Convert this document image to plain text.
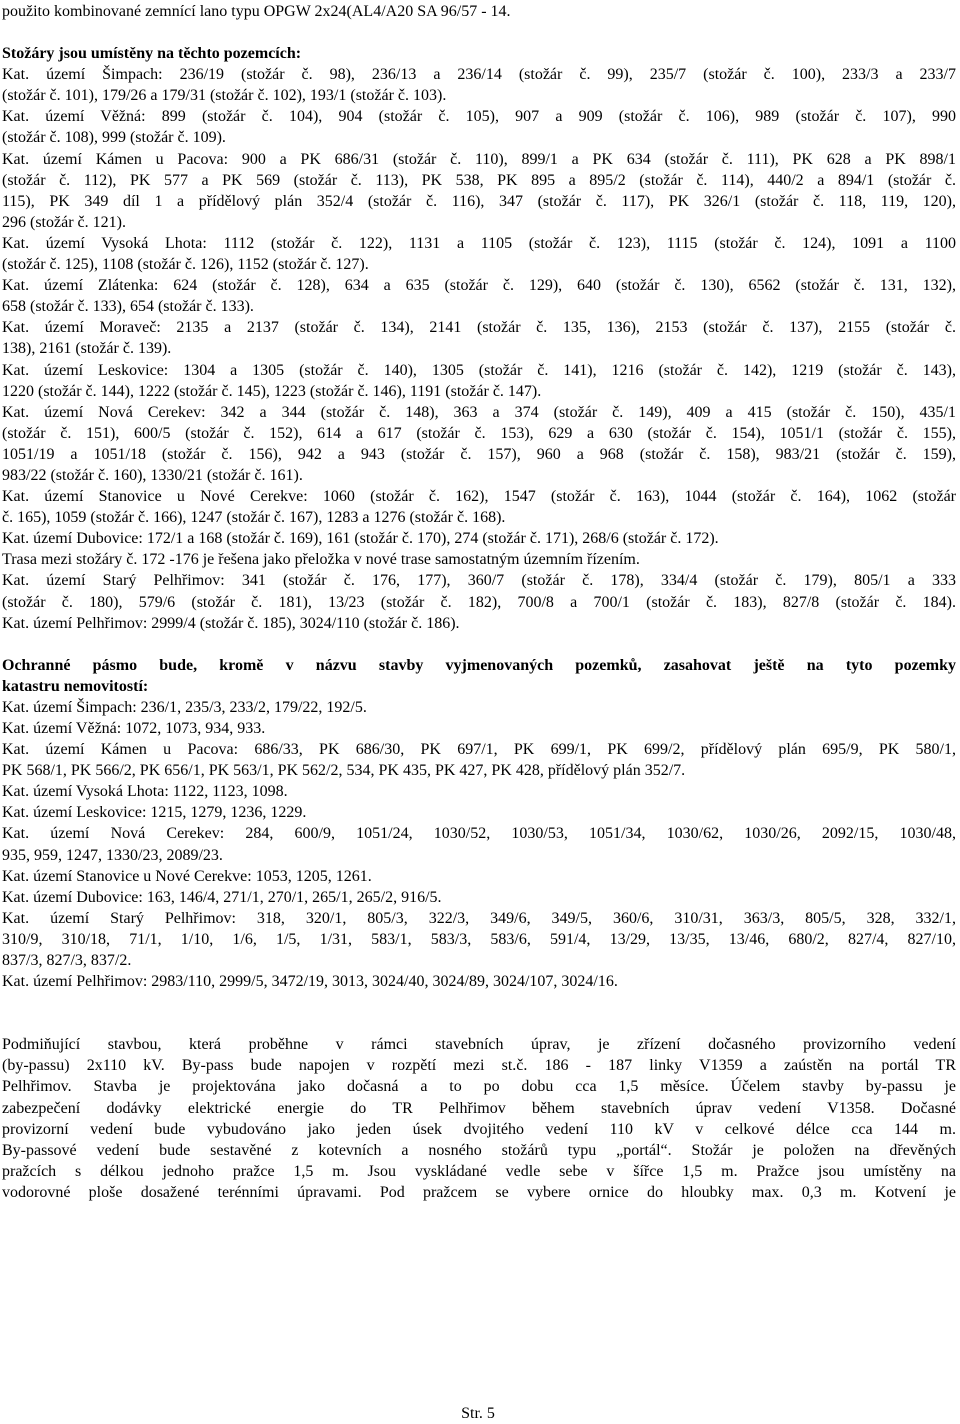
použito kombinované zemnící lano typu OPGW 2x24(AL4/A20 SA 96/57 - 14.
Stožáry jsou umístěny na těchto pozemcích:
Kat. území Šimpach: 236/19 (stožár č. 98), 236/13 a 236/14 (stožár č. 99), 235/7 (stožár č. 100), 233/3 a 233/7
(stožár č. 101), 179/26 a 179/31 (stožár č. 102), 193/1 (stožár č. 103).
Kat. území Věžná: 899 (stožár č. 104), 904 (stožár č. 105), 907 a 909 (stožár č. 106), 989 (stožár č. 107), 990
(stožár č. 108), 999 (stožár č. 109).
Kat. území Kámen u Pacova: 900 a PK 686/31 (stožár č. 110), 899/1 a PK 634 (stožár č. 111), PK 628 a PK 898/1
(stožár č. 112), PK 577 a PK 569 (stožár č. 113), PK 538, PK 895 a 895/2 (stožár č. 114), 440/2 a 894/1 (stožár č.
115), PK 349 díl 1 a přídělový plán 352/4 (stožár č. 116), 347 (stožár č. 117), PK 326/1 (stožár č. 118, 119, 120),
296 (stožár č. 121).
Kat. území Vysoká Lhota: 1112 (stožár č. 122), 1131 a 1105 (stožár č. 123), 1115 (stožár č. 124), 1091 a 1100
(stožár č. 125), 1108 (stožár č. 126), 1152 (stožár č. 127).
Kat. území Zlátenka: 624 (stožár č. 128), 634 a 635 (stožár č. 129), 640 (stožár č. 130), 6562 (stožár č. 131, 132),
658 (stožár č. 133), 654 (stožár č. 133).
Kat. území Moraveč: 2135 a 2137 (stožár č. 134), 2141 (stožár č. 135, 136), 2153 (stožár č. 137), 2155 (stožár č.
138), 2161 (stožár č. 139).
Kat. území Leskovice: 1304 a 1305 (stožár č. 140), 1305 (stožár č. 141), 1216 (stožár č. 142), 1219 (stožár č. 143),
1220 (stožár č. 144), 1222 (stožár č. 145), 1223 (stožár č. 146), 1191 (stožár č. 147).
Kat. území Nová Cerekev: 342 a 344 (stožár č. 148), 363 a 374 (stožár č. 149), 409 a 415 (stožár č. 150), 435/1
(stožár č. 151), 600/5 (stožár č. 152), 614 a 617 (stožár č. 153), 629 a 630 (stožár č. 154), 1051/1 (stožár č. 155),
1051/19 a 1051/18 (stožár č. 156), 942 a 943 (stožár č. 157), 960 a 968 (stožár č. 158), 983/21 (stožár č. 159),
983/22 (stožár č. 160), 1330/21 (stožár č. 161).
Kat. území Stanovice u Nové Cerekve: 1060 (stožár č. 162), 1547 (stožár č. 163), 1044 (stožár č. 164), 1062 (stožár
č. 165), 1059 (stožár č. 166), 1247 (stožár č. 167), 1283 a 1276 (stožár č. 168).
Kat. území Dubovice: 172/1 a 168 (stožár č. 169), 161 (stožár č. 170), 274 (stožár č. 171), 268/6 (stožár č. 172).
Trasa mezi stožáry č. 172 -176 je řešena jako přeložka v nové trase samostatným územním řízením.
Kat. území Starý Pelhřimov: 341 (stožár č. 176, 177), 360/7 (stožár č. 178), 334/4 (stožár č. 179), 805/1 a 333
(stožár č. 180), 579/6 (stožár č. 181), 13/23 (stožár č. 182), 700/8 a 700/1 (stožár č. 183), 827/8 (stožár č. 184).
Kat. území Pelhřimov: 2999/4 (stožár č. 185), 3024/110 (stožár č. 186).
Ochranné pásmo bude, kromě v názvu stavby vyjmenovaných pozemků, zasahovat ještě na tyto pozemky
katastru nemovitostí:
Kat. území Šimpach: 236/1, 235/3, 233/2, 179/22, 192/5.
Kat. území Věžná: 1072, 1073, 934, 933.
Kat. území Kámen u Pacova: 686/33, PK 686/30, PK 697/1, PK 699/1, PK 699/2, přídělový plán 695/9, PK 580/1,
PK 568/1, PK 566/2, PK 656/1, PK 563/1, PK 562/2, 534, PK 435, PK 427, PK 428, přídělový plán 352/7.
Kat. území Vysoká Lhota: 1122, 1123, 1098.
Kat. území Leskovice: 1215, 1279, 1236, 1229.
Kat. území Nová Cerekev: 284, 600/9, 1051/24, 1030/52, 1030/53, 1051/34, 1030/62, 1030/26, 2092/15, 1030/48,
935, 959, 1247, 1330/23, 2089/23.
Kat. území Stanovice u Nové Cerekve: 1053, 1205, 1261.
Kat. území Dubovice: 163, 146/4, 271/1, 270/1, 265/1, 265/2, 916/5.
Kat. území Starý Pelhřimov: 318, 320/1, 805/3, 322/3, 349/6, 349/5, 360/6, 310/31, 363/3, 805/5, 328, 332/1,
310/9, 310/18, 71/1, 1/10, 1/6, 1/5, 1/31, 583/1, 583/3, 583/6, 591/4, 13/29, 13/35, 13/46, 680/2, 827/4, 827/10,
837/3, 827/3, 837/2.
Kat. území Pelhřimov: 2983/110, 2999/5, 3472/19, 3013, 3024/40, 3024/89, 3024/107, 3024/16.
Podmiňující stavbou, která proběhne v rámci stavebních úprav, je zřízení dočasného provizorního vedení
(by-passu) 2x110 kV. By-pass bude napojen v rozpětí mezi st.č. 186 - 187 linky V1359 a zaústěn na portál TR
Pelhřimov. Stavba je projektována jako dočasná a to po dobu cca 1,5 měsíce. Účelem stavby by-passu je
zabezpečení dodávky elektrické energie do TR Pelhřimov během stavebních úprav vedení V1358. Dočasné
provizorní vedení bude vybudováno jako jeden úsek dvojitého vedení 110 kV v celkové délce cca 144 m.
By-passové vedení bude sestavěné z kotevních a nosného stožárů typu „portál“. Stožár je položen na dřevěných
pražcích s délkou jednoho pražce 1,5 m. Jsou vyskládané vedle sebe v šířce 1,5 m. Pražce jsou umístěny na
vodorovné ploše dosažené terénními úpravami. Pod pražcem se vybere ornice do hloubky max. 0,3 m. Kotvení je
Str. 5
